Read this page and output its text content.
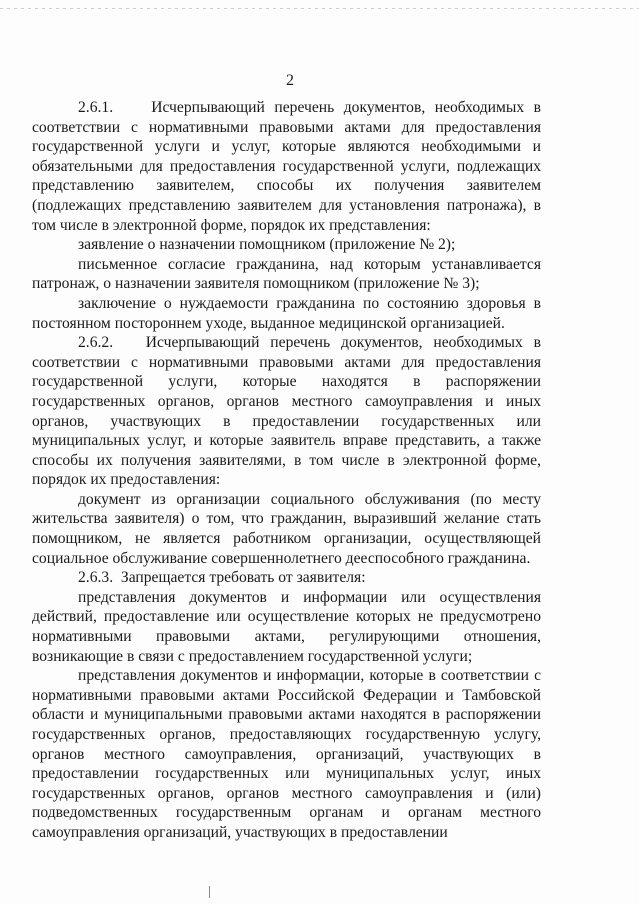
2

2.6.1.    Исчерпывающий перечень документов, необходимых в соответствии с нормативными правовыми актами для предоставления государственной услуги и услуг, которые являются необходимыми и обязательными для предоставления государственной услуги, подлежащих представлению заявителем, способы их получения заявителем (подлежащих представлению заявителем для установления патронажа), в том числе в электронной форме, порядок их представления:

заявление о назначении помощником (приложение № 2);

письменное согласие гражданина, над которым устанавливается патронаж, о назначении заявителя помощником (приложение № 3);

заключение о нуждаемости гражданина по состоянию здоровья в постоянном постороннем уходе, выданное медицинской организацией.

2.6.2.   Исчерпывающий перечень документов, необходимых в соответствии с нормативными правовыми актами для предоставления государственной услуги, которые находятся в распоряжении государственных органов, органов местного самоуправления и иных органов, участвующих в предоставлении государственных или муниципальных услуг, и которые заявитель вправе представить, а также способы их получения заявителями, в том числе в электронной форме, порядок их предоставления:

документ из организации социального обслуживания (по месту жительства заявителя) о том, что гражданин, выразивший желание стать помощником, не является работником организации, осуществляющей социальное обслуживание совершеннолетнего дееспособного гражданина.

2.6.3.  Запрещается требовать от заявителя:

представления документов и информации или осуществления действий, предоставление или осуществление которых не предусмотрено нормативными правовыми актами, регулирующими отношения, возникающие в связи с предоставлением государственной услуги;

представления документов и информации, которые в соответствии с нормативными правовыми актами Российской Федерации и Тамбовской области и муниципальными правовыми актами находятся в распоряжении государственных органов, предоставляющих государственную услугу, органов местного самоуправления, организаций, участвующих в предоставлении государственных или муниципальных услуг, иных государственных органов, органов местного самоуправления и (или) подведомственных государственным органам и органам местного самоуправления организаций, участвующих в предоставлении
